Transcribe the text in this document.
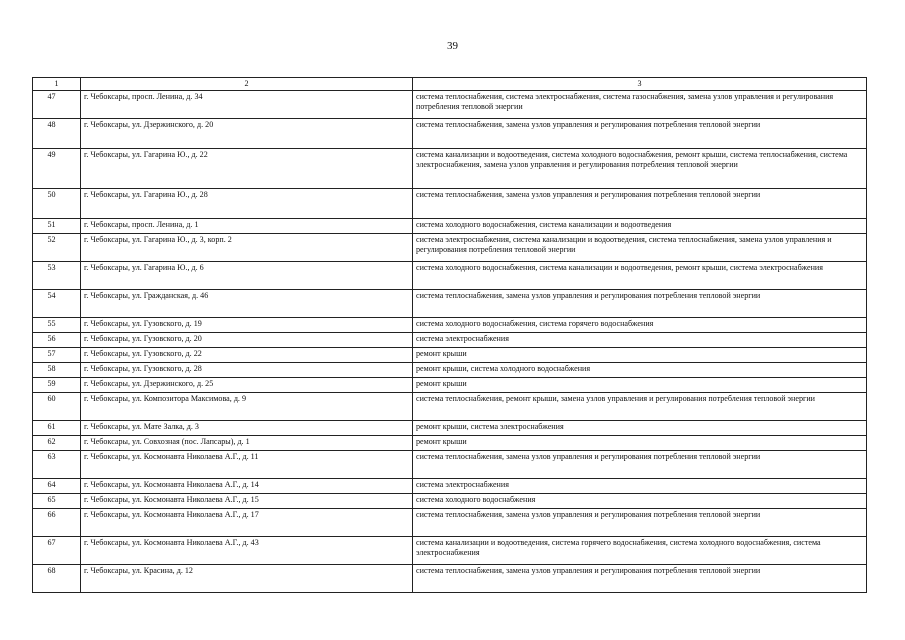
39
1	2	3
47	г. Чебоксары, просп. Ленина, д. 34	система теплоснабжения, система электроснабжения, система газоснабжения, замена узлов управления и регулирования потребления тепловой энергии
48	г. Чебоксары, ул. Дзержинского, д. 20	система теплоснабжения, замена узлов управления и регулирования потребления тепловой энергии
49	г. Чебоксары, ул. Гагарина Ю., д. 22	система канализации и водоотведения, система холодного водоснабжения, ремонт крыши, система теплоснабжения, система электроснабжения, замена узлов управления и регулирования потребления тепловой энергии
50	г. Чебоксары, ул. Гагарина Ю., д. 28	система теплоснабжения, замена узлов управления и регулирования потребления тепловой энергии
51	г. Чебоксары, просп. Ленина, д. 1	система холодного водоснабжения, система канализации и водоотведения
52	г. Чебоксары, ул. Гагарина Ю., д. 3, корп. 2	система электроснабжения, система канализации и водоотведения, система теплоснабжения, замена узлов управления и регулирования потребления тепловой энергии
53	г. Чебоксары, ул. Гагарина Ю., д. 6	система холодного водоснабжения, система канализации и водоотведения, ремонт крыши, система электроснабжения
54	г. Чебоксары, ул. Гражданская, д. 46	система теплоснабжения, замена узлов управления и регулирования потребления тепловой энергии
55	г. Чебоксары, ул. Гузовского, д. 19	система холодного водоснабжения, система горячего водоснабжения
56	г. Чебоксары, ул. Гузовского, д. 20	система электроснабжения
57	г. Чебоксары, ул. Гузовского, д. 22	ремонт крыши
58	г. Чебоксары, ул. Гузовского, д. 28	ремонт крыши, система холодного водоснабжения
59	г. Чебоксары, ул. Дзержинского, д. 25	ремонт крыши
60	г. Чебоксары, ул. Композитора Максимова, д. 9	система теплоснабжения, ремонт крыши, замена узлов управления и регулирования потребления тепловой энергии
61	г. Чебоксары, ул. Мате Залка, д. 3	ремонт крыши, система электроснабжения
62	г. Чебоксары, ул. Совхозная (пос. Лапсары), д. 1	ремонт крыши
63	г. Чебоксары, ул. Космонавта Николаева А.Г., д. 11	система теплоснабжения, замена узлов управления и регулирования потребления тепловой энергии
64	г. Чебоксары, ул. Космонавта Николаева А.Г., д. 14	система электроснабжения
65	г. Чебоксары, ул. Космонавта Николаева А.Г., д. 15	система холодного водоснабжения
66	г. Чебоксары, ул. Космонавта Николаева А.Г., д. 17	система теплоснабжения, замена узлов управления и регулирования потребления тепловой энергии
67	г. Чебоксары, ул. Космонавта Николаева А.Г., д. 43	система канализации и водоотведения, система горячего водоснабжения, система холодного водоснабжения, система электроснабжения
68	г. Чебоксары, ул. Красина, д. 12	система теплоснабжения, замена узлов управления и регулирования потребления тепловой энергии
